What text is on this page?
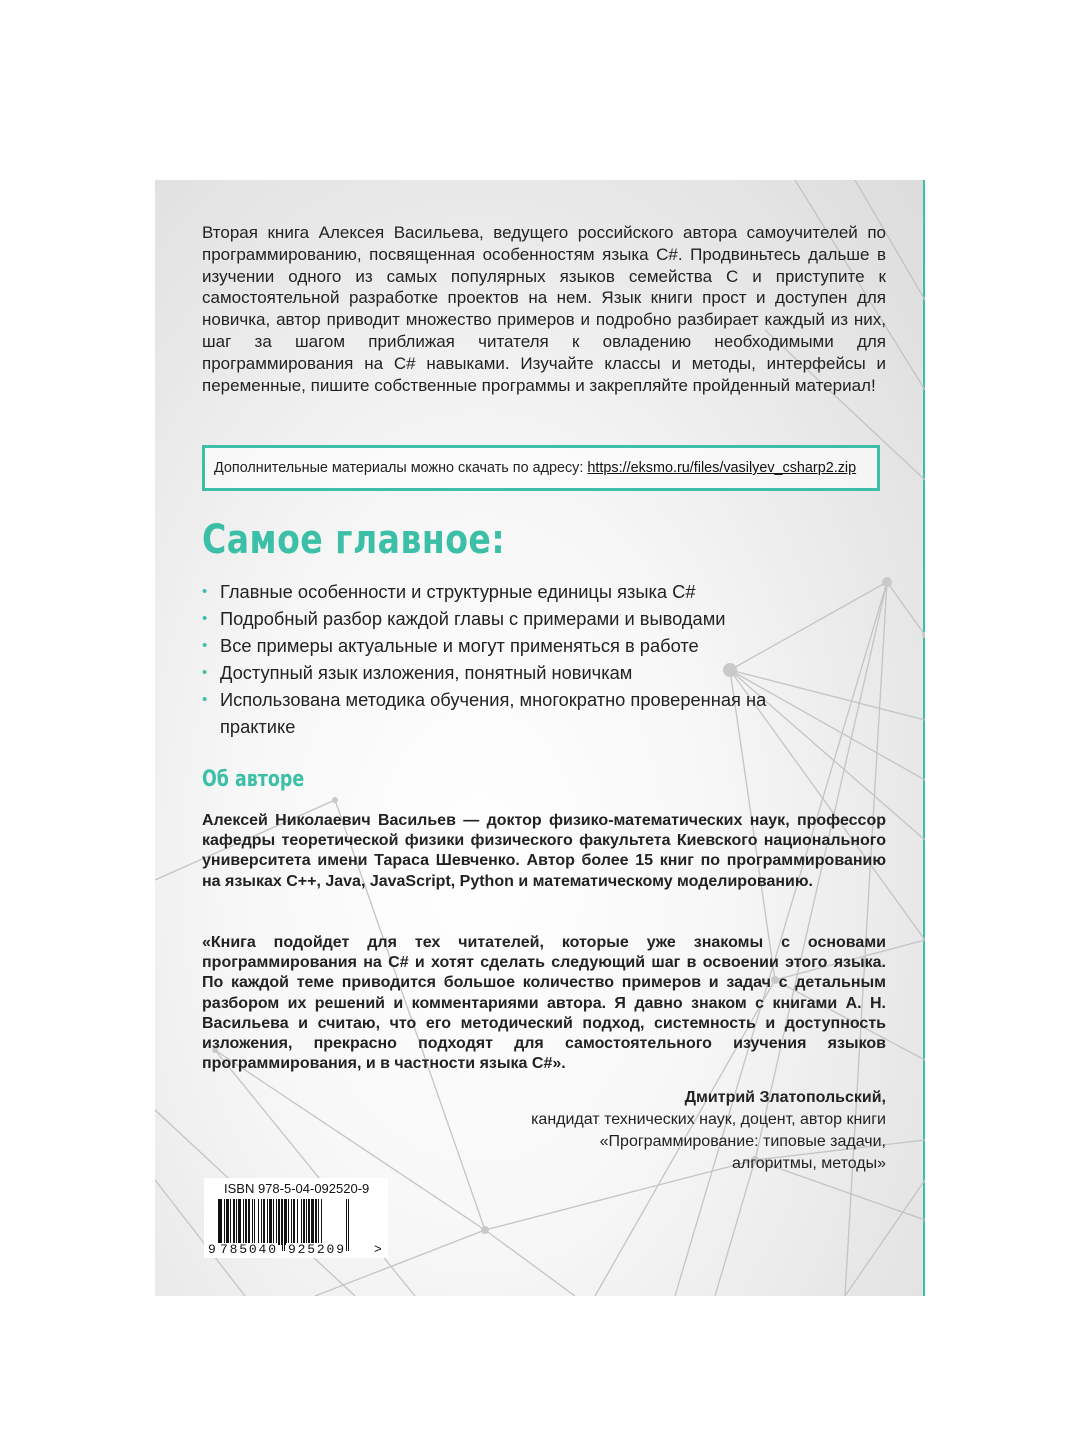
Вторая книга Алексея Васильева, ведущего российского автора самоучителей по программированию, посвященная особенностям языка C#. Продвиньтесь дальше в изучении одного из самых популярных языков семейства С и приступите к самостоятельной разработке проектов на нем. Язык книги прост и доступен для новичка, автор приводит множество примеров и подробно разбирает каждый из них, шаг за шагом приближая читателя к овладению необходимыми для программирования на C# навыками. Изучайте классы и методы, интерфейсы и переменные, пишите собственные программы и закрепляйте пройденный материал!

Дополнительные материалы можно скачать по адресу: https://eksmo.ru/files/vasilyev_csharp2.zip
Самое главное:
• Главные особенности и структурные единицы языка C#
• Подробный разбор каждой главы с примерами и выводами
• Все примеры актуальные и могут применяться в работе
• Доступный язык изложения, понятный новичкам
• Использована методика обучения, многократно проверенная на практике
Об авторе

Алексей Николаевич Васильев — доктор физико-математических наук, профессор кафедры теоретической физики физического факультета Киевского национального университета имени Тараса Шевченко. Автор более 15 книг по программированию на языках C++, Java, JavaScript, Python и математическому моделированию.

«Книга подойдет для тех читателей, которые уже знакомы с основами программирования на C# и хотят сделать следующий шаг в освоении этого языка. По каждой теме приводится большое количество примеров и задач с детальным разбором их решений и комментариями автора. Я давно знаком с книгами А. Н. Васильева и считаю, что его методический подход, системность и доступность изложения, прекрасно подходят для самостоятельного изучения языков программирования, и в частности языка C#».

Дмитрий Златопольский,
кандидат технических наук, доцент, автор книги
«Программирование: типовые задачи,
алгоритмы, методы»
ISBN 978-5-04-092520-9
9 785040 925209 >
